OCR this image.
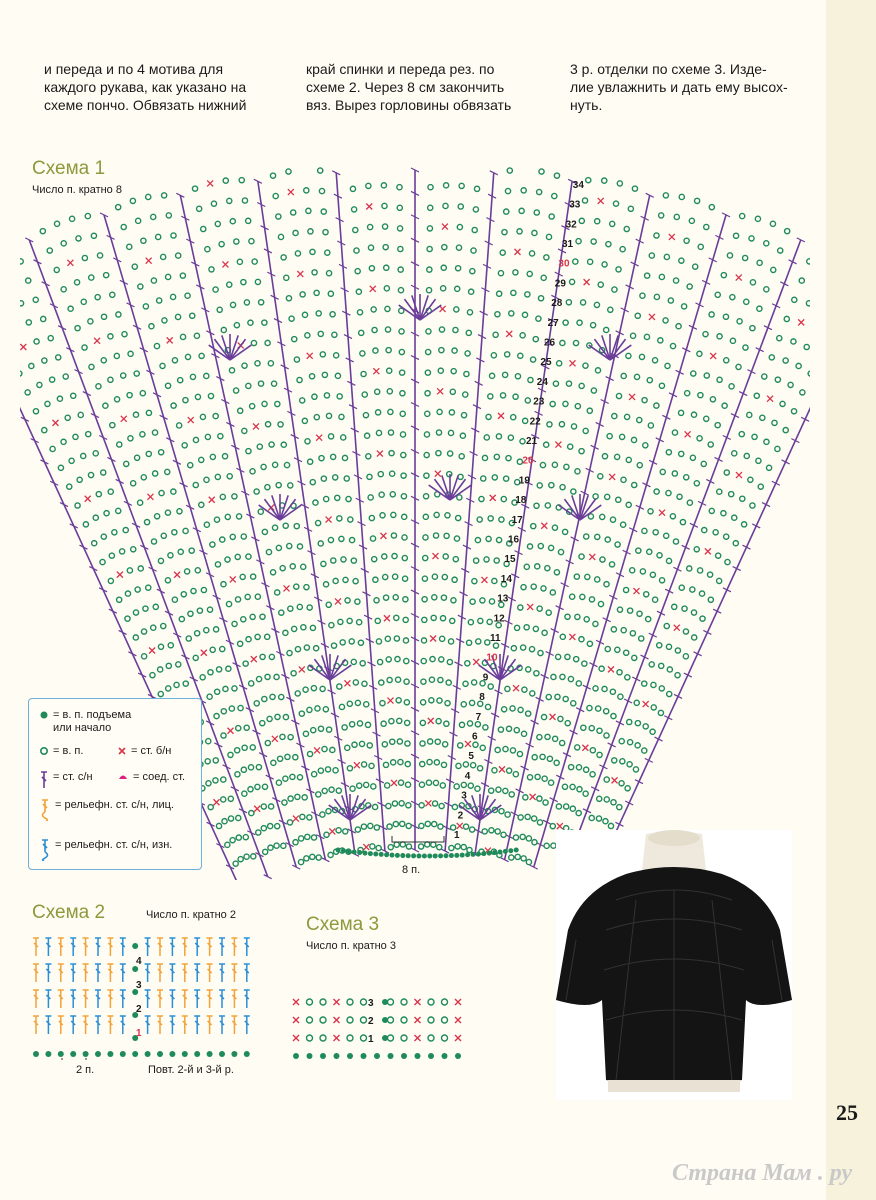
и переда и по 4 мотива для

каждого рукава, как указано на

схеме пончо. Обвязать нижний

край спинки и переда рез. по

схеме 2. Через 8 см закончить

вяз. Вырез горловины обвязать

3 р. отделки по схеме 3. Изде-

лие увлажнить и дать ему высох-

нуть.

Схема 1
Число п. кратно 8
1
2
3
4
5
6
7
8
9
10
11
12
13
14
15
16
17
18
19
20
21
22
23
24
25
26
27
28
29
30
31
32
33
34
8 п.
= в. п. подъема
или начало
= в. п.	= ст. б/н
= ст. с/н	= соед. ст.
= рельефн. ст. с/н, лиц.
= рельефн. ст. с/н, изн.
Схема 2	Число п. кратно 2
1
2
3
4
2 п.	Повт. 2-й и 3-й р.
Схема 3
Число п. кратно 3
1
2
3
25
Страна Мам . ру
